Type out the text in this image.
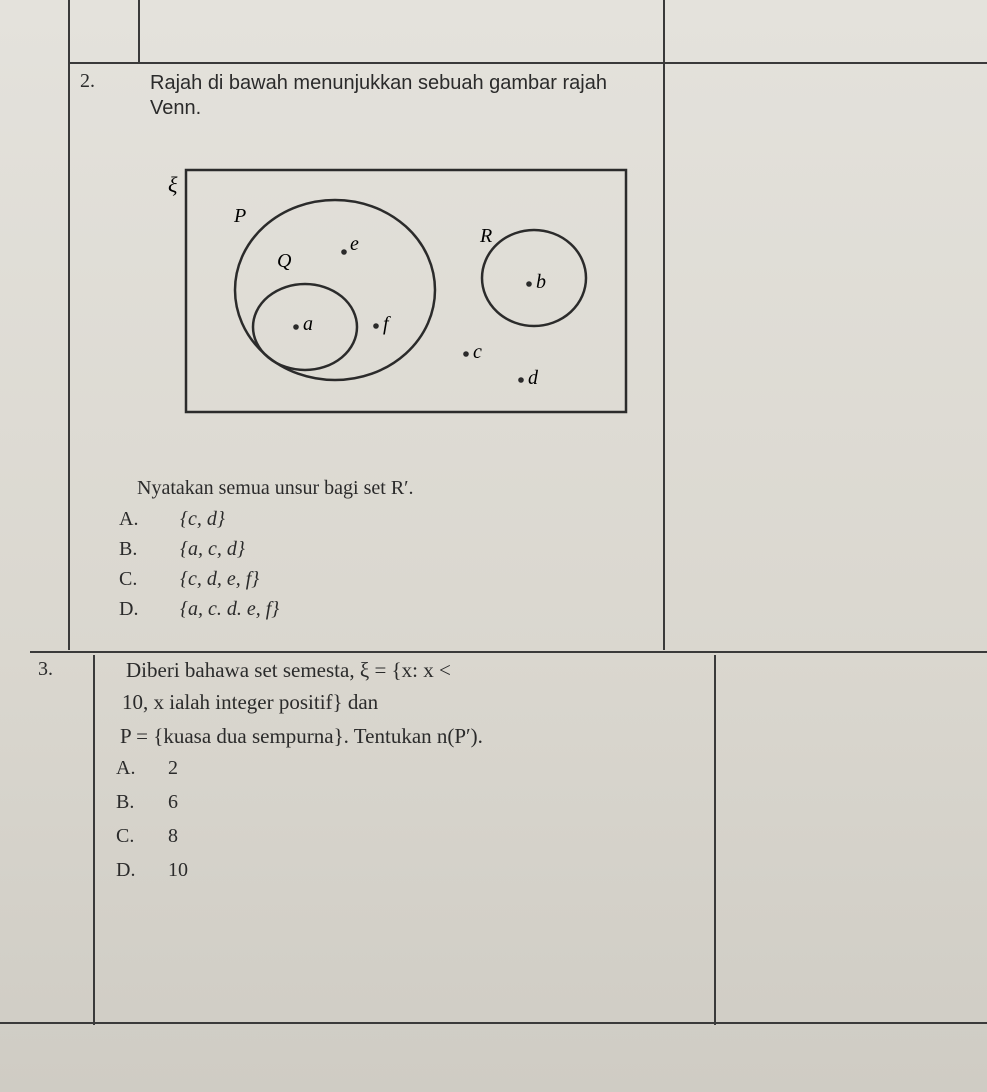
2.	Rajah di bawah menunjukkan sebuah gambar rajah
Venn.
ξ
P
Q
R
e
a	f
b
c
d
Nyatakan semua unsur bagi set R′.
A. {c, d}
B. {a, c, d}
C. {c, d, e, f}
D. {a, c. d. e, f}
3.	Diberi bahawa set semesta, ξ = {x: x <
10, x ialah integer positif} dan
P = {kuasa dua sempurna}. Tentukan n(P′).
A. 2
B. 6
C. 8
D. 10
